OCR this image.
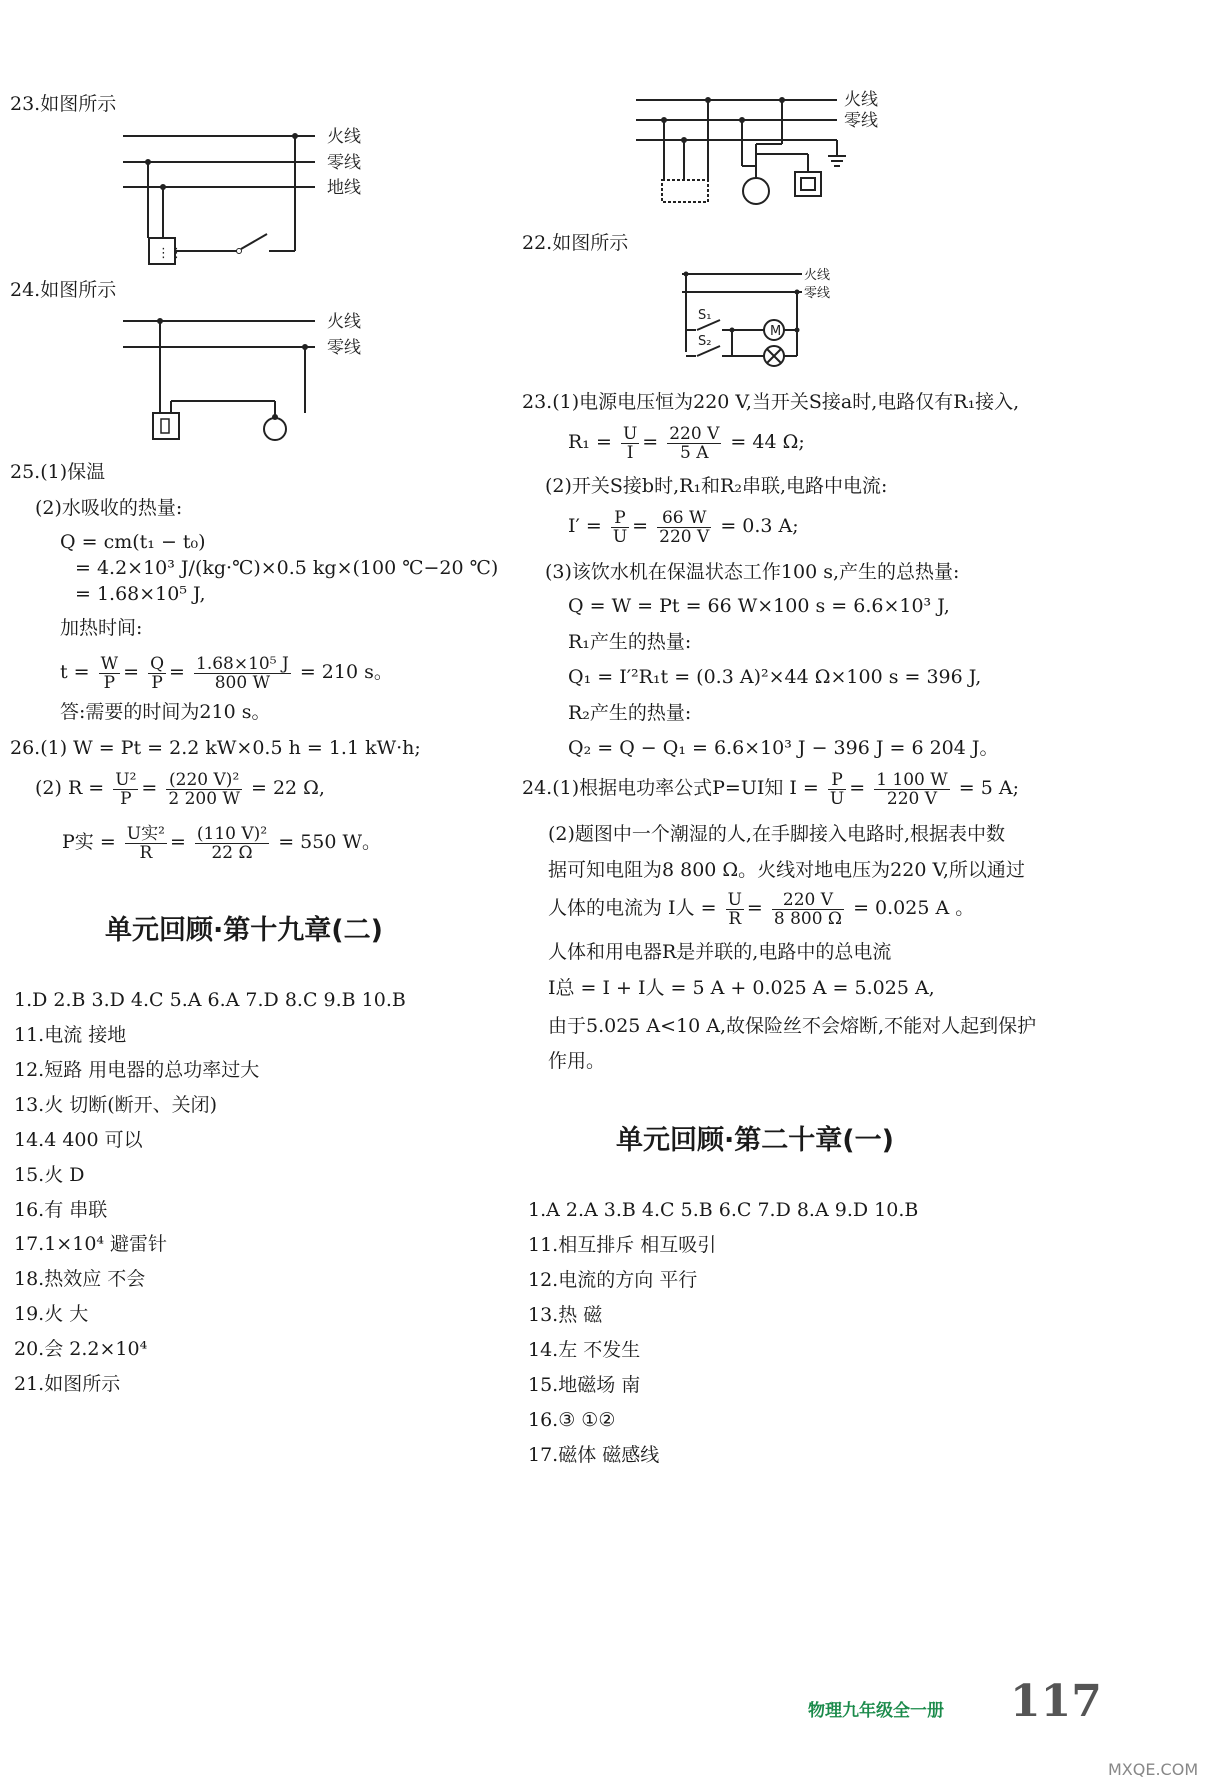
23.如图所示
⋮⋮
火线
零线
地线
24.如图所示
火线
零线
25.(1)保温
(2)水吸收的热量:
Q = cm(t₁ − t₀)
= 4.2×10³ J/(kg·℃)×0.5 kg×(100 ℃−20 ℃)
= 1.68×10⁵ J,
加热时间:
$t = \frac{W}{P} = \frac{Q}{P} = \frac{\text{1.68×10⁵ J}}{800 W} = 210$ s。
答:需要的时间为210 s。
26.(1) W = Pt = 2.2 kW×0.5 h = 1.1 kW·h;
(2) $R = \frac{\text{U²}}{P} = \frac{\text{(220 V)²}}{2 200 W} = 22$ Ω,
P实 = U实²
$R = \frac{\text{(110 V)²}}{22 \Omega} = 550$ W。
单元回顾·第十九章(二)
1.D 2.B 3.D 4.C 5.A 6.A 7.D 8.C 9.B 10.B
11.电流 接地
12.短路 用电器的总功率过大
13.火 切断(断开、关闭)
14.4 400 可以
15.火 D
16.有 串联
17.1×10⁴ 避雷针
18.热效应 不会
19.火 大
20.会 2.2×10⁴
21.如图所示
火线
零线
22.如图所示
M
S₁
S₂
火线
零线
23.(1)电源电压恒为220 V,当开关S接a时,电路仅有R₁接入,
$R_1 = \frac{U}{I} = \frac{220 V}{5 A} = 44$ Ω;
(2)开关S接b时,R₁和R₂串联,电路中电流:
$I' = \frac{P}{U} = \frac{66 W}{220 V} = 0.3$ A;
(3)该饮水机在保温状态工作100 s,产生的总热量:
Q = W = Pt = 66 W×100 s = 6.6×10³ J,
R₁产生的热量:
Q₁ = I′²R₁t = (0.3 A)²×44 Ω×100 s = 396 J,
R₂产生的热量:
Q₂ = Q − Q₁ = 6.6×10³ J − 396 J = 6 204 J。
24.(1)根据电功率公式P=UI知 $I = \frac{P}{U} = \frac{1 100 W}{220 V} = 5$ A;
(2)题图中一个潮湿的人,在手脚接入电路时,根据表中数
据可知电阻为8 800 Ω。火线对地电压为220 V,所以通过
人体的电流为 I人 = $\frac{U}{R} = \frac{220 V}{8 800 \Omega} = 0.025$ A 。
人体和用电器R是并联的,电路中的总电流
I总 = I + I人 = 5 A + 0.025 A = 5.025 A,
由于5.025 A<10 A,故保险丝不会熔断,不能对人起到保护
作用。
单元回顾·第二十章(一)
1.A 2.A 3.B 4.C 5.B 6.C 7.D 8.A 9.D 10.B
11.相互排斥 相互吸引
12.电流的方向 平行
13.热 磁
14.左 不发生
15.地磁场 南
16.③ ①②
17.磁体 磁感线
物理九年级全一册 117
MXQE.COM
